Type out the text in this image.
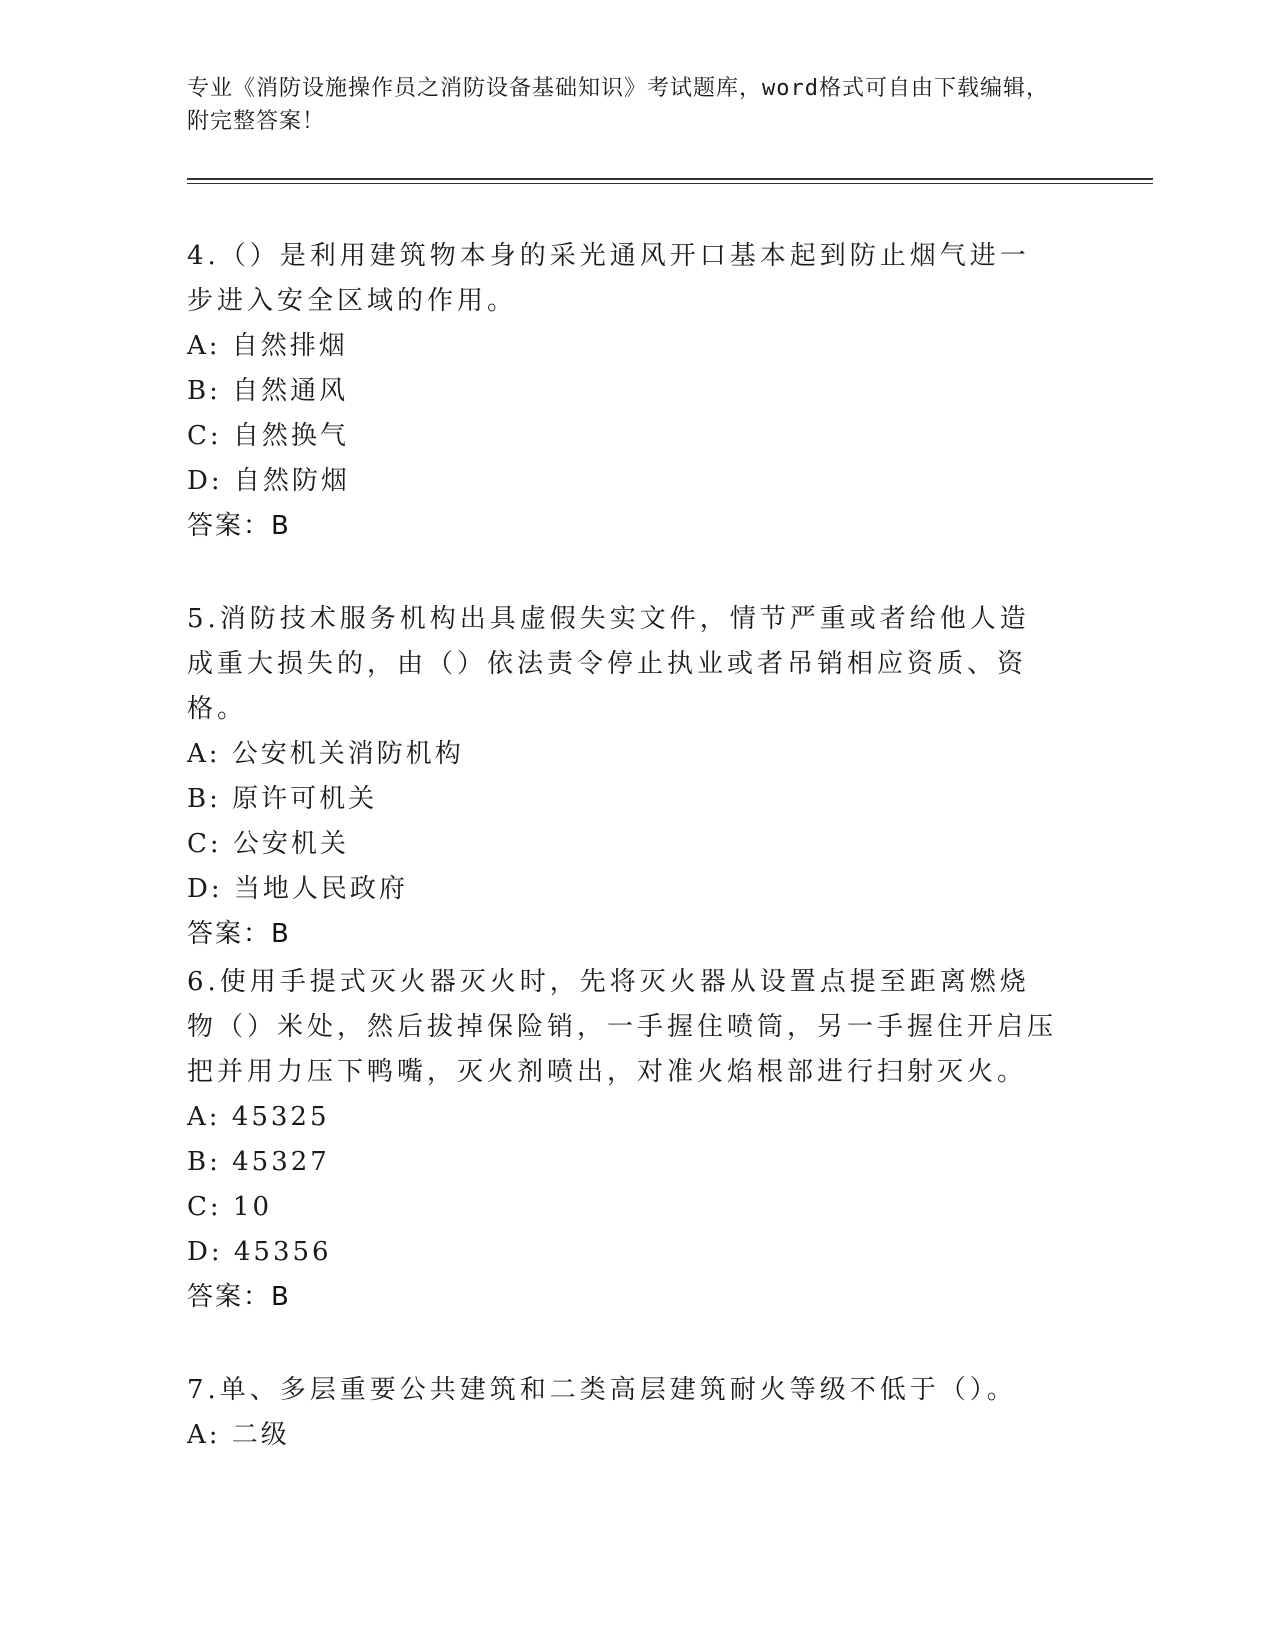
专业《消防设施操作员之消防设备基础知识》考试题库，word格式可自由下载编辑，附完整答案！

4.（）是利用建筑物本身的采光通风开口基本起到防止烟气进一步进入安全区域的作用。

A: 自然排烟

B: 自然通风

C: 自然换气

D: 自然防烟

答案：B

5.消防技术服务机构出具虚假失实文件，情节严重或者给他人造成重大损失的，由（）依法责令停止执业或者吊销相应资质、资格。

A: 公安机关消防机构

B: 原许可机关

C: 公安机关

D: 当地人民政府

答案：B

6.使用手提式灭火器灭火时，先将灭火器从设置点提至距离燃烧物（）米处，然后拔掉保险销，一手握住喷筒，另一手握住开启压把并用力压下鸭嘴，灭火剂喷出，对准火焰根部进行扫射灭火。

A: 45325

B: 45327

C: 10

D: 45356

答案：B

7.单、多层重要公共建筑和二类高层建筑耐火等级不低于（）。

A: 二级
